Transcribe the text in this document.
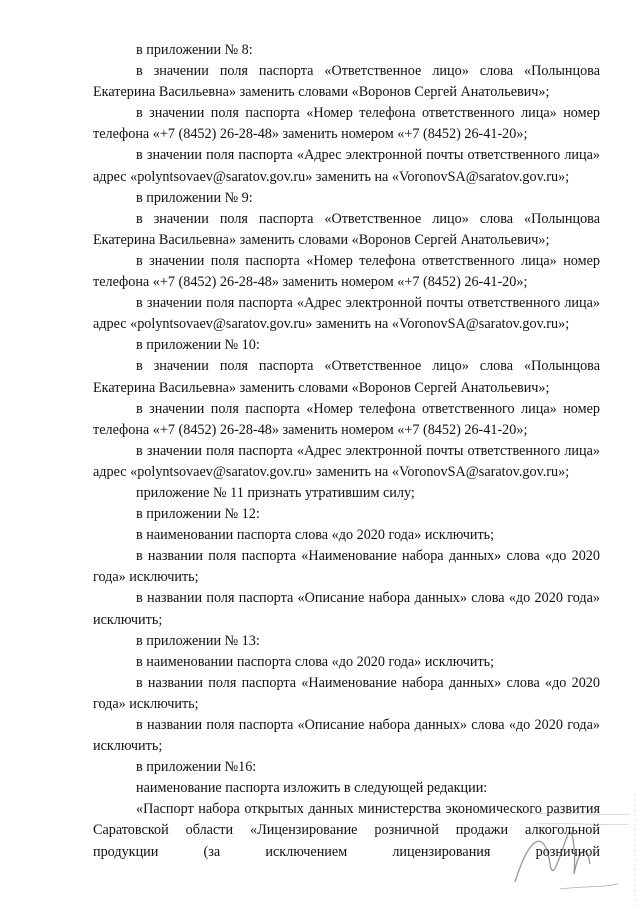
в приложении № 8:

в значении поля паспорта «Ответственное лицо» слова «Полынцова Екатерина Васильевна» заменить словами «Воронов Сергей Анатольевич»;

в значении поля паспорта «Номер телефона ответственного лица» номер телефона «+7 (8452) 26-28-48» заменить номером «+7 (8452) 26-41-20»;

в значении поля паспорта «Адрес электронной почты ответственного лица» адрес «polyntsovaev@saratov.gov.ru» заменить на «VoronovSA@saratov.gov.ru»;

в приложении № 9:

в значении поля паспорта «Ответственное лицо» слова «Полынцова Екатерина Васильевна» заменить словами «Воронов Сергей Анатольевич»;

в значении поля паспорта «Номер телефона ответственного лица» номер телефона «+7 (8452) 26-28-48» заменить номером «+7 (8452) 26-41-20»;

в значении поля паспорта «Адрес электронной почты ответственного лица» адрес «polyntsovaev@saratov.gov.ru» заменить на «VoronovSA@saratov.gov.ru»;

в приложении № 10:

в значении поля паспорта «Ответственное лицо» слова «Полынцова Екатерина Васильевна» заменить словами «Воронов Сергей Анатольевич»;

в значении поля паспорта «Номер телефона ответственного лица» номер телефона «+7 (8452) 26-28-48» заменить номером «+7 (8452) 26-41-20»;

в значении поля паспорта «Адрес электронной почты ответственного лица» адрес «polyntsovaev@saratov.gov.ru» заменить на «VoronovSA@saratov.gov.ru»;

приложение № 11 признать утратившим силу;

в приложении № 12:

в наименовании паспорта слова «до 2020 года» исключить;

в названии поля паспорта «Наименование набора данных» слова «до 2020 года» исключить;

в названии поля паспорта «Описание набора данных» слова «до 2020 года» исключить;

в приложении № 13:

в наименовании паспорта слова «до 2020 года» исключить;

в названии поля паспорта «Наименование набора данных» слова «до 2020 года» исключить;

в названии поля паспорта «Описание набора данных» слова «до 2020 года» исключить;

в приложении №16:

наименование паспорта изложить в следующей редакции:

«Паспорт набора открытых данных министерства экономического развития Саратовской области «Лицензирование розничной продажи алкогольной продукции (за исключением лицензирования розничной
